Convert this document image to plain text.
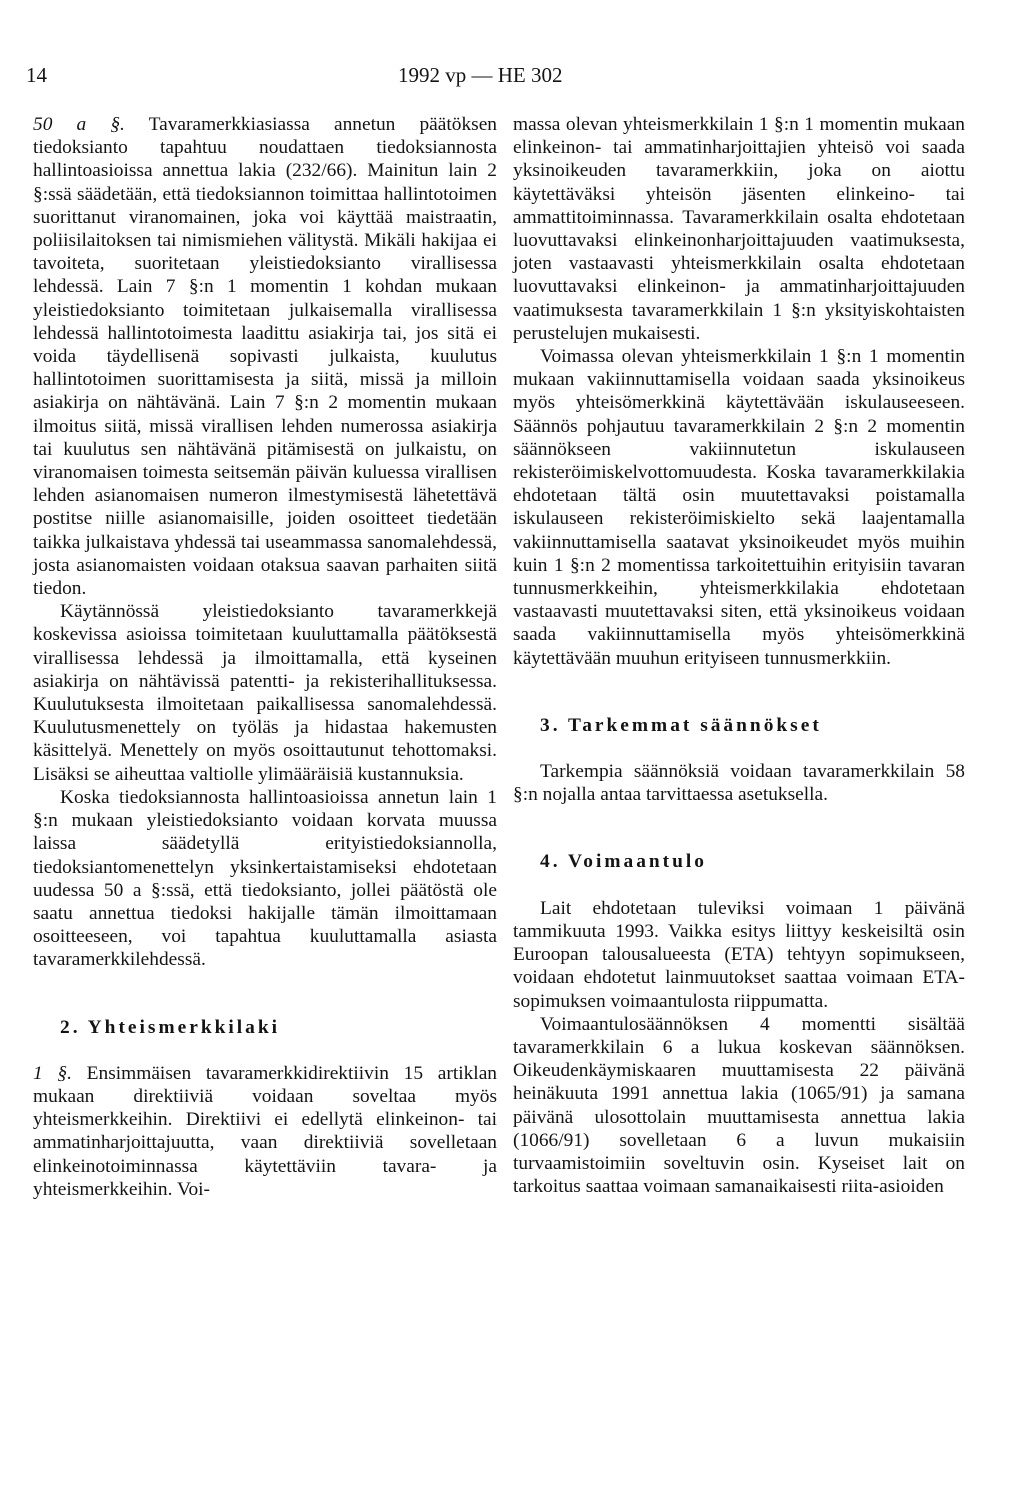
14	1992 vp — HE 302

50 a §. Tavaramerkkiasiassa annetun päätöksen tiedoksianto tapahtuu noudattaen tiedoksiannosta hallintoasioissa annettua lakia (232/66). Mainitun lain 2 §:ssä säädetään, että tiedoksiannon toimittaa hallintotoimen suorittanut viranomainen, joka voi käyttää maistraatin, poliisilaitoksen tai nimismiehen välitystä. Mikäli hakijaa ei tavoiteta, suoritetaan yleistiedoksianto virallisessa lehdessä. Lain 7 §:n 1 momentin 1 kohdan mukaan yleistiedoksianto toimitetaan julkaisemalla virallisessa lehdessä hallintotoimesta laadittu asiakirja tai, jos sitä ei voida täydellisenä sopivasti julkaista, kuulutus hallintotoimen suorittamisesta ja siitä, missä ja milloin asiakirja on nähtävänä. Lain 7 §:n 2 momentin mukaan ilmoitus siitä, missä virallisen lehden numerossa asiakirja tai kuulutus sen nähtävänä pitämisestä on julkaistu, on viranomaisen toimesta seitsemän päivän kuluessa virallisen lehden asianomaisen numeron ilmestymisestä lähetettävä postitse niille asianomaisille, joiden osoitteet tiedetään taikka julkaistava yhdessä tai useammassa sanomalehdessä, josta asianomaisten voidaan otaksua saavan parhaiten siitä tiedon.

Käytännössä yleistiedoksianto tavaramerkkejä koskevissa asioissa toimitetaan kuuluttamalla päätöksestä virallisessa lehdessä ja ilmoittamalla, että kyseinen asiakirja on nähtävissä patentti- ja rekisterihallituksessa. Kuulutuksesta ilmoitetaan paikallisessa sanomalehdessä. Kuulutusmenettely on työläs ja hidastaa hakemusten käsittelyä. Menettely on myös osoittautunut tehottomaksi. Lisäksi se aiheuttaa valtiolle ylimääräisiä kustannuksia.

Koska tiedoksiannosta hallintoasioissa annetun lain 1 §:n mukaan yleistiedoksianto voidaan korvata muussa laissa säädetyllä erityistiedoksiannolla, tiedoksiantomenettelyn yksinkertaistamiseksi ehdotetaan uudessa 50 a §:ssä, että tiedoksianto, jollei päätöstä ole saatu annettua tiedoksi hakijalle tämän ilmoittamaan osoitteeseen, voi tapahtua kuuluttamalla asiasta tavaramerkkilehdessä.

2. Yhteismerkkilaki

1 §. Ensimmäisen tavaramerkkidirektiivin 15 artiklan mukaan direktiiviä voidaan soveltaa myös yhteismerkkeihin. Direktiivi ei edellytä elinkeinon- tai ammatinharjoittajuutta, vaan direktiiviä sovelletaan elinkeinotoiminnassa käytettäviin tavara- ja yhteismerkkeihin. Voi-

massa olevan yhteismerkkilain 1 §:n 1 momentin mukaan elinkeinon- tai ammatinharjoittajien yhteisö voi saada yksinoikeuden tavaramerkkiin, joka on aiottu käytettäväksi yhteisön jäsenten elinkeino- tai ammattitoiminnassa. Tavaramerkkilain osalta ehdotetaan luovuttavaksi elinkeinonharjoittajuuden vaatimuksesta, joten vastaavasti yhteismerkkilain osalta ehdotetaan luovuttavaksi elinkeinon- ja ammatinharjoittajuuden vaatimuksesta tavaramerkkilain 1 §:n yksityiskohtaisten perustelujen mukaisesti.

Voimassa olevan yhteismerkkilain 1 §:n 1 momentin mukaan vakiinnuttamisella voidaan saada yksinoikeus myös yhteisömerkkinä käytettävään iskulauseeseen. Säännös pohjautuu tavaramerkkilain 2 §:n 2 momentin säännökseen vakiinnutetun iskulauseen rekisteröimiskelvottomuudesta. Koska tavaramerkkilakia ehdotetaan tältä osin muutettavaksi poistamalla iskulauseen rekisteröimiskielto sekä laajentamalla vakiinnuttamisella saatavat yksinoikeudet myös muihin kuin 1 §:n 2 momentissa tarkoitettuihin erityisiin tavaran tunnusmerkkeihin, yhteismerkkilakia ehdotetaan vastaavasti muutettavaksi siten, että yksinoikeus voidaan saada vakiinnuttamisella myös yhteisömerkkinä käytettävään muuhun erityiseen tunnusmerkkiin.

3. Tarkemmat säännökset

Tarkempia säännöksiä voidaan tavaramerkkilain 58 §:n nojalla antaa tarvittaessa asetuksella.

4. Voimaantulo

Lait ehdotetaan tuleviksi voimaan 1 päivänä tammikuuta 1993. Vaikka esitys liittyy keskeisiltä osin Euroopan talousalueesta (ETA) tehtyyn sopimukseen, voidaan ehdotetut lainmuutokset saattaa voimaan ETA-sopimuksen voimaantulosta riippumatta.

Voimaantulosäännöksen 4 momentti sisältää tavaramerkkilain 6 a lukua koskevan säännöksen. Oikeudenkäymiskaaren muuttamisesta 22 päivänä heinäkuuta 1991 annettua lakia (1065/91) ja samana päivänä ulosottolain muuttamisesta annettua lakia (1066/91) sovelletaan 6 a luvun mukaisiin turvaamistoimiin soveltuvin osin. Kyseiset lait on tarkoitus saattaa voimaan samanaikaisesti riita-asioiden
